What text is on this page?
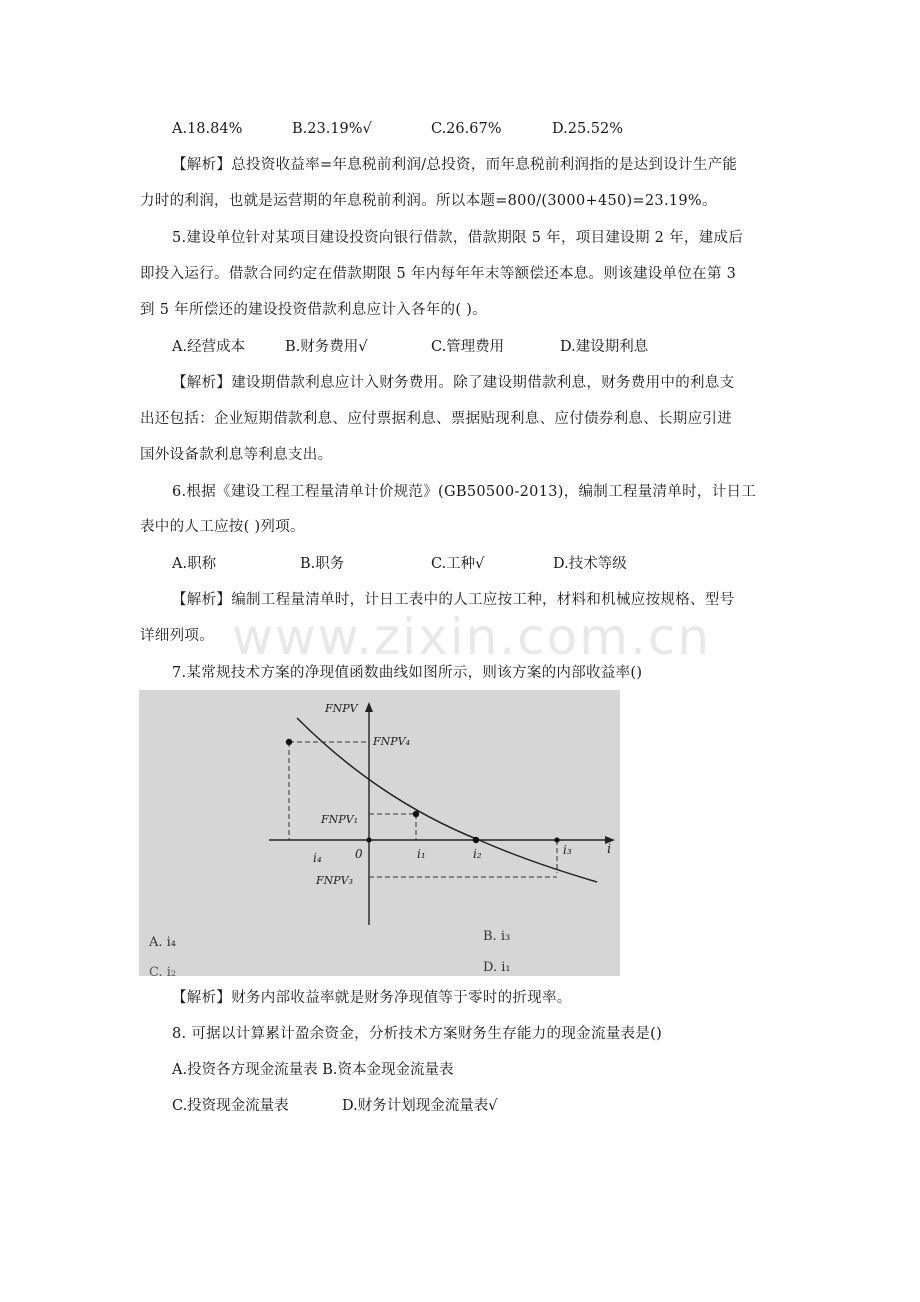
www.zixin.com.cn
A.18.84%	B.23.19%√	C.26.67%	D.25.52%
【解析】总投资收益率=年息税前利润/总投资，而年息税前利润指的是达到设计生产能
力时的利润，也就是运营期的年息税前利润。所以本题=800/(3000+450)=23.19%。
5.建设单位针对某项目建设投资向银行借款，借款期限 5 年，项目建设期 2 年，建成后
即投入运行。借款合同约定在借款期限 5 年内每年年末等额偿还本息。则该建设单位在第 3
到 5 年所偿还的建设投资借款利息应计入各年的( )。
A.经营成本	B.财务费用√	C.管理费用	D.建设期利息
【解析】建设期借款利息应计入财务费用。除了建设期借款利息，财务费用中的利息支
出还包括：企业短期借款利息、应付票据利息、票据贴现利息、应付债券利息、长期应引进
国外设备款利息等利息支出。
6.根据《建设工程工程量清单计价规范》(GB50500-2013)，编制工程量清单时，计日工
表中的人工应按( )列项。
A.职称	B.职务	C.工种√	D.技术等级
【解析】编制工程量清单时，计日工表中的人工应按工种，材料和机械应按规格、型号
详细列项。
7.某常规技术方案的净现值函数曲线如图所示，则该方案的内部收益率()
FNPV
i
0
FNPV₄
FNPV₁
FNPV₃
i₄	i₁	i₂	i₃
A. i₄	B. i₃
C. i₂	D. i₁
【解析】财务内部收益率就是财务净现值等于零时的折现率。
8. 可据以计算累计盈余资金，分析技术方案财务生存能力的现金流量表是()
A.投资各方现金流量表 B.资本金现金流量表
C.投资现金流量表	D.财务计划现金流量表√
